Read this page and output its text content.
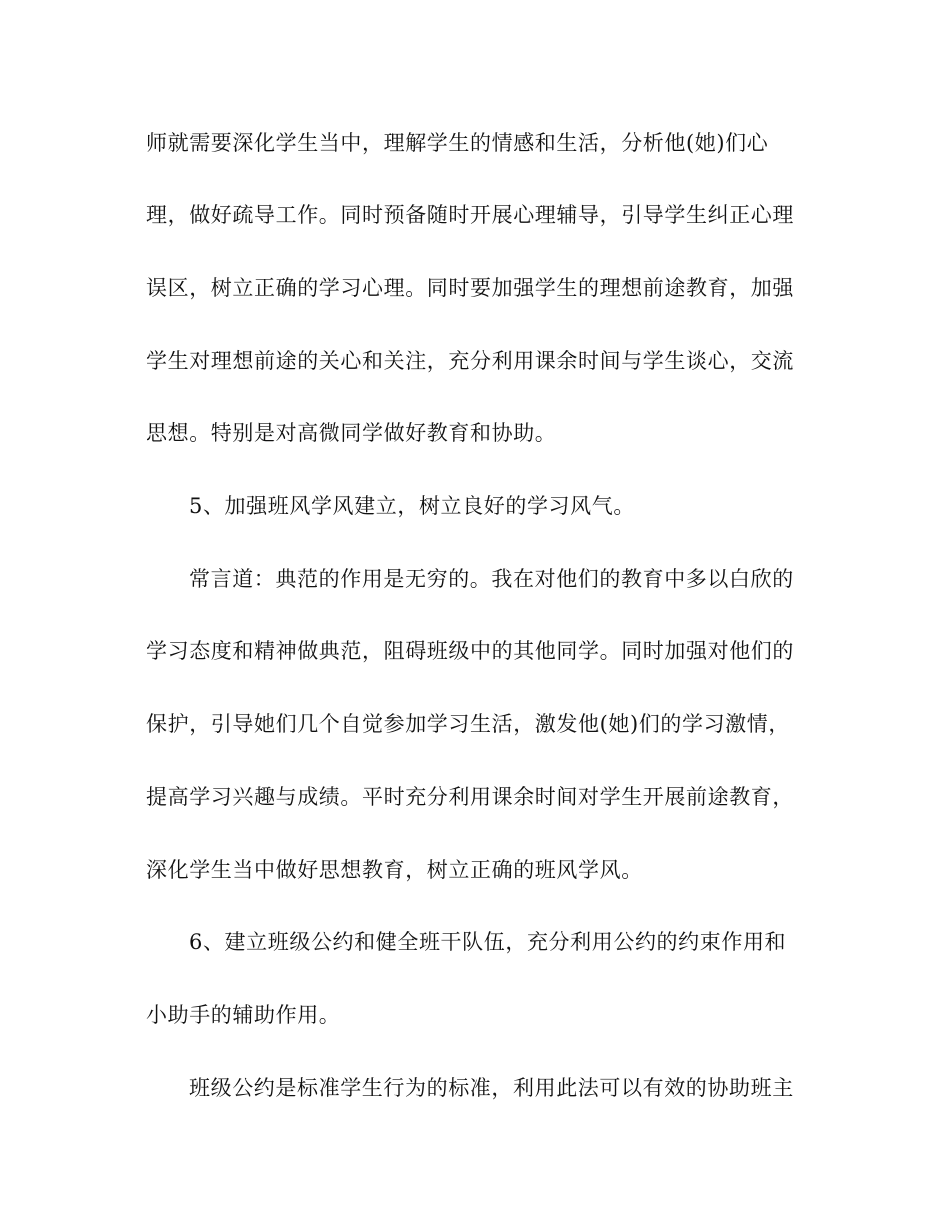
师就需要深化学生当中，理解学生的情感和生活，分析他(她)们心
理，做好疏导工作。同时预备随时开展心理辅导，引导学生纠正心理
误区，树立正确的学习心理。同时要加强学生的理想前途教育，加强
学生对理想前途的关心和关注，充分利用课余时间与学生谈心，交流
思想。特别是对高微同学做好教育和协助。
5、加强班风学风建立，树立良好的学习风气。
常言道：典范的作用是无穷的。我在对他们的教育中多以白欣的
学习态度和精神做典范，阻碍班级中的其他同学。同时加强对他们的
保护，引导她们几个自觉参加学习生活，激发他(她)们的学习激情，
提高学习兴趣与成绩。平时充分利用课余时间对学生开展前途教育，
深化学生当中做好思想教育，树立正确的班风学风。
6、建立班级公约和健全班干队伍，充分利用公约的约束作用和
小助手的辅助作用。
班级公约是标准学生行为的标准，利用此法可以有效的协助班主
